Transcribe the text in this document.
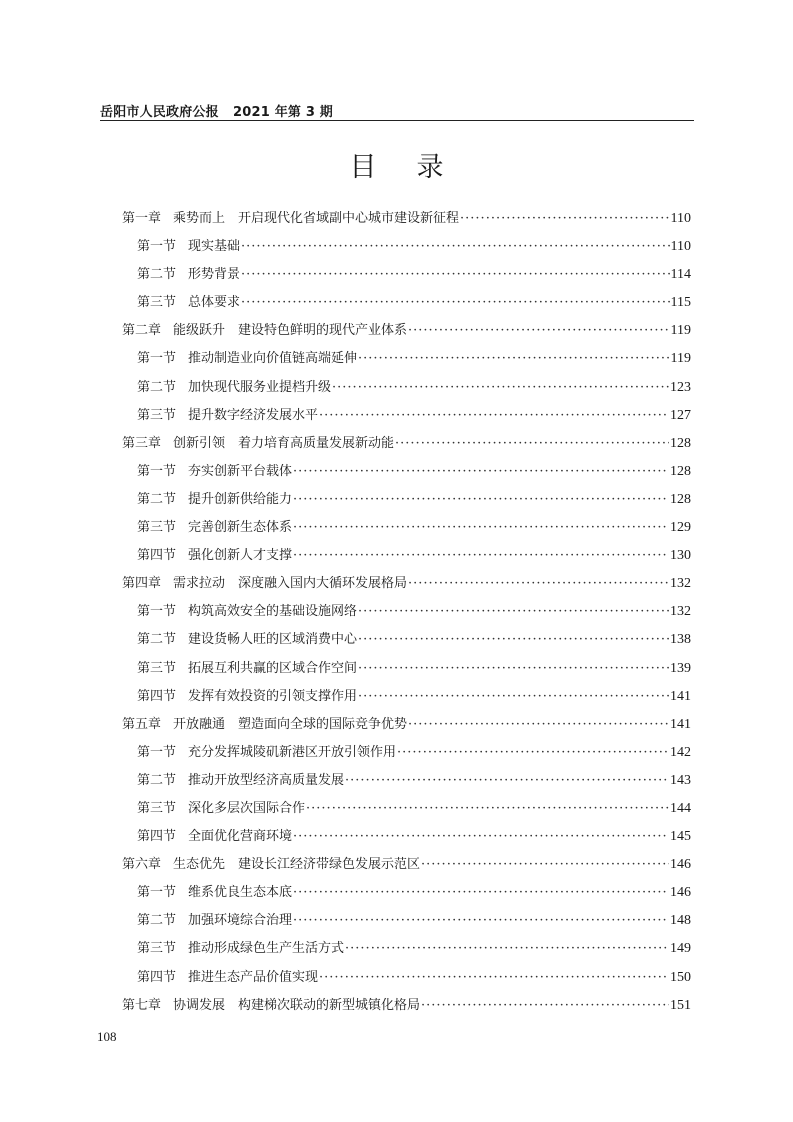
岳阳市人民政府公报 2021 年第 3 期
目 录
第一章 乘势而上　开启现代化省域副中心城市建设新征程 ·····	110
第一节 现实基础 ·····	110
第二节 形势背景 ·····	114
第三节 总体要求 ·····	115
第二章 能级跃升　建设特色鲜明的现代产业体系 ·····	119
第一节 推动制造业向价值链高端延伸 ·····	119
第二节 加快现代服务业提档升级 ·····	123
第三节 提升数字经济发展水平 ·····	127
第三章 创新引领　着力培育高质量发展新动能 ·····	128
第一节 夯实创新平台载体 ·····	128
第二节 提升创新供给能力 ·····	128
第三节 完善创新生态体系 ·····	129
第四节 强化创新人才支撑 ·····	130
第四章 需求拉动　深度融入国内大循环发展格局 ·····	132
第一节 构筑高效安全的基础设施网络 ·····	132
第二节 建设货畅人旺的区域消费中心 ·····	138
第三节 拓展互利共赢的区域合作空间 ·····	139
第四节 发挥有效投资的引领支撑作用 ·····	141
第五章 开放融通　塑造面向全球的国际竞争优势 ·····	141
第一节 充分发挥城陵矶新港区开放引领作用 ·····	142
第二节 推动开放型经济高质量发展 ·····	143
第三节 深化多层次国际合作 ·····	144
第四节 全面优化营商环境 ·····	145
第六章 生态优先　建设长江经济带绿色发展示范区 ·····	146
第一节 维系优良生态本底 ·····	146
第二节 加强环境综合治理 ·····	148
第三节 推动形成绿色生产生活方式 ·····	149
第四节 推进生态产品价值实现 ·····	150
第七章 协调发展　构建梯次联动的新型城镇化格局 ·····	151
108
